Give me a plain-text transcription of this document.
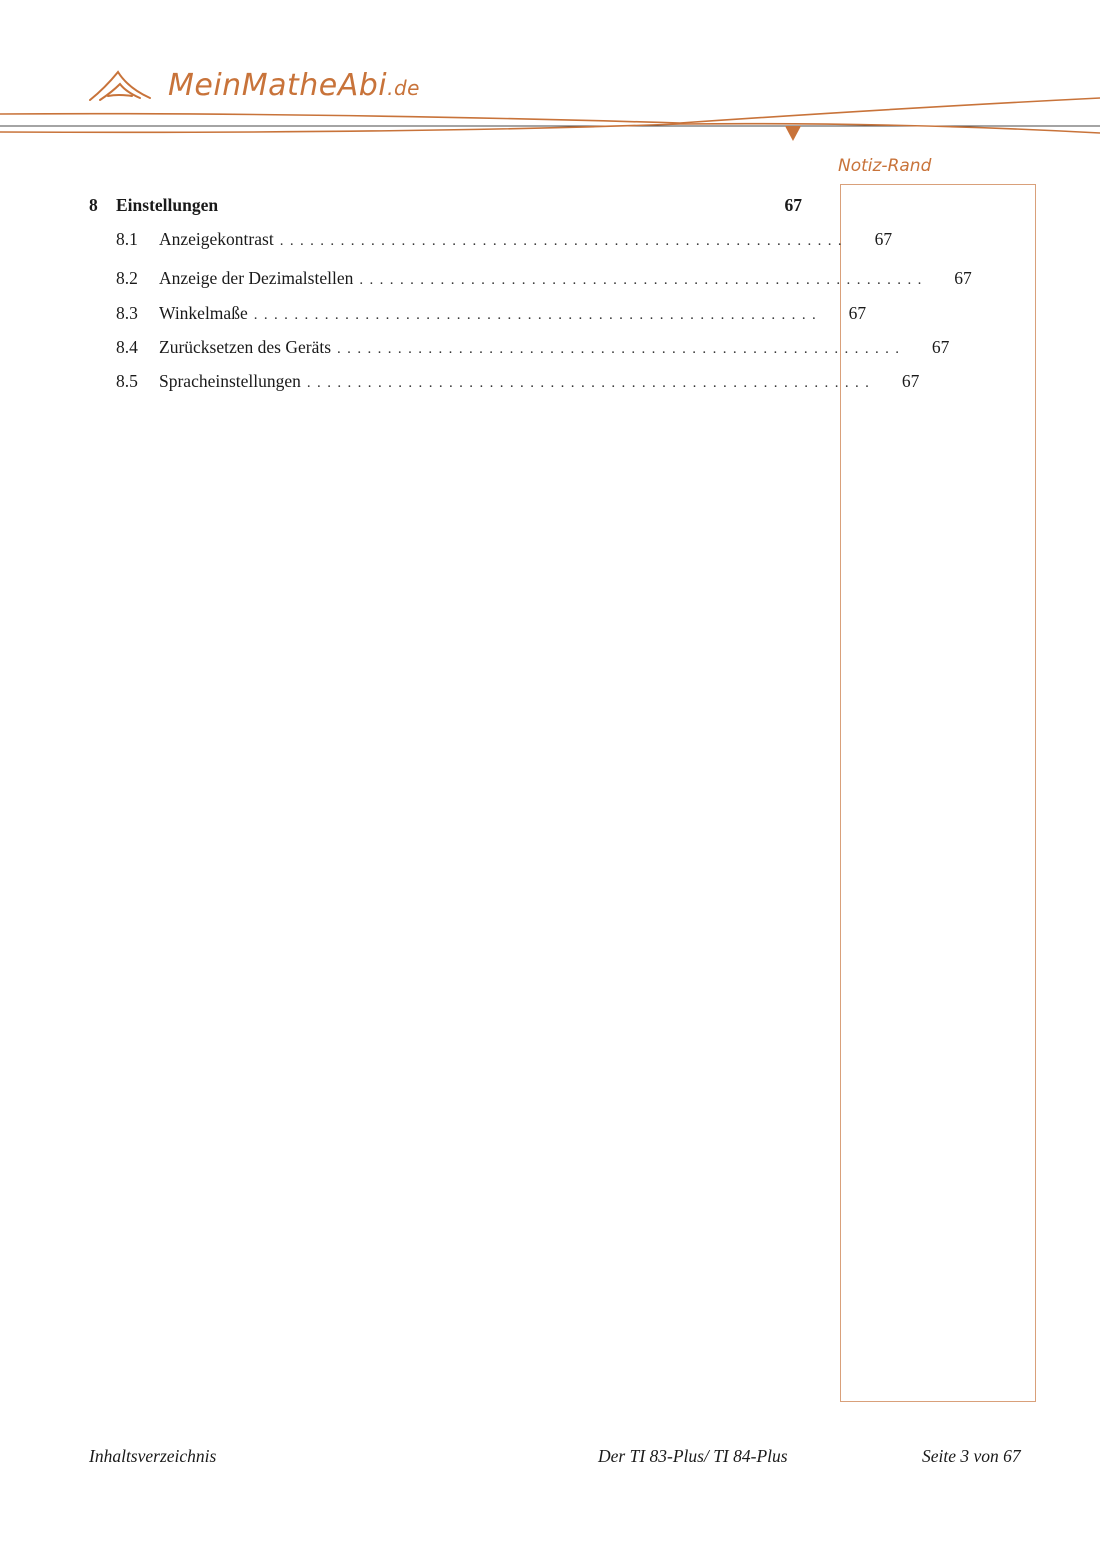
MeinMatheAbi.de
Notiz-Rand
8	Einstellungen	67
8.1	Anzeigekontrast ........................................................	67
8.2	Anzeige der Dezimalstellen ........................................................	67
8.3	Winkelmaße ........................................................	67
8.4	Zurücksetzen des Geräts ........................................................	67
8.5	Spracheinstellungen ........................................................	67
Inhaltsverzeichnis	Der TI 83-Plus/ TI 84-Plus	Seite 3 von 67
